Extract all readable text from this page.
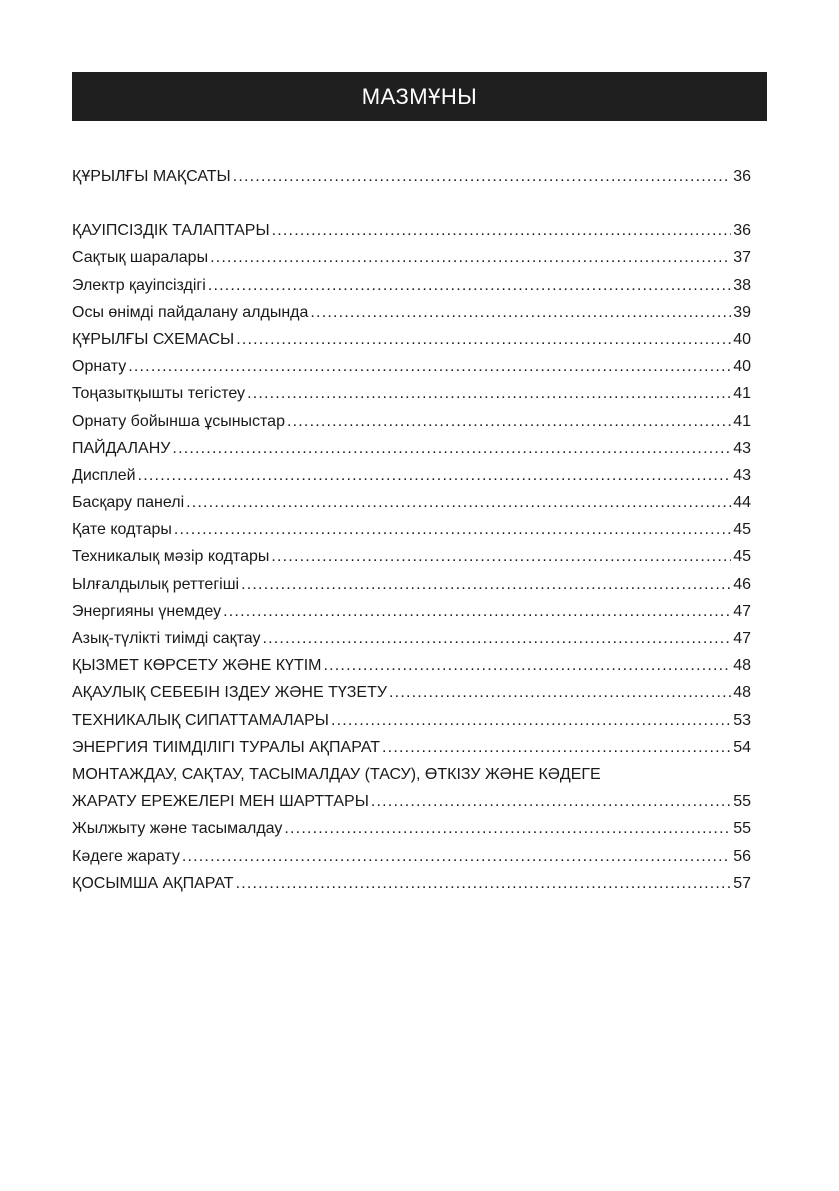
МАЗМҰНЫ
ҚҰРЫЛҒЫ МАҚСАТЫ .....	36
ҚАУІПСІЗДІК ТАЛАПТАРЫ .....	36
Сақтық шаралары .....	37
Электр қауіпсіздігі .....	38
Осы өнімді пайдалану алдында .....	39
ҚҰРЫЛҒЫ СХЕМАСЫ .....	40
Орнату .....	40
Тоңазытқышты тегістеу .....	41
Орнату бойынша ұсыныстар .....	41
ПАЙДАЛАНУ .....	43
Дисплей .....	43
Басқару панелі .....	44
Қате кодтары .....	45
Техникалық мәзір кодтары .....	45
Ылғалдылық реттегіші .....	46
Энергияны үнемдеу .....	47
Азық-түлікті тиімді сақтау .....	47
ҚЫЗМЕТ КӨРСЕТУ ЖӘНЕ КҮТІМ .....	48
АҚАУЛЫҚ СЕБЕБІН ІЗДЕУ ЖӘНЕ ТҮЗЕТУ .....	48
ТЕХНИКАЛЫҚ СИПАТТАМАЛАРЫ .....	53
ЭНЕРГИЯ ТИІМДІЛІГІ ТУРАЛЫ АҚПАРАТ .....	54
МОНТАЖДАУ, САҚТАУ, ТАСЫМАЛДАУ (ТАСУ), ӨТКІЗУ ЖӘНЕ КӘДЕГЕ
ЖАРАТУ ЕРЕЖЕЛЕРІ МЕН ШАРТТАРЫ .....	55
Жылжыту және тасымалдау .....	55
Кәдеге жарату .....	56
ҚОСЫМША АҚПАРАТ .....	57
